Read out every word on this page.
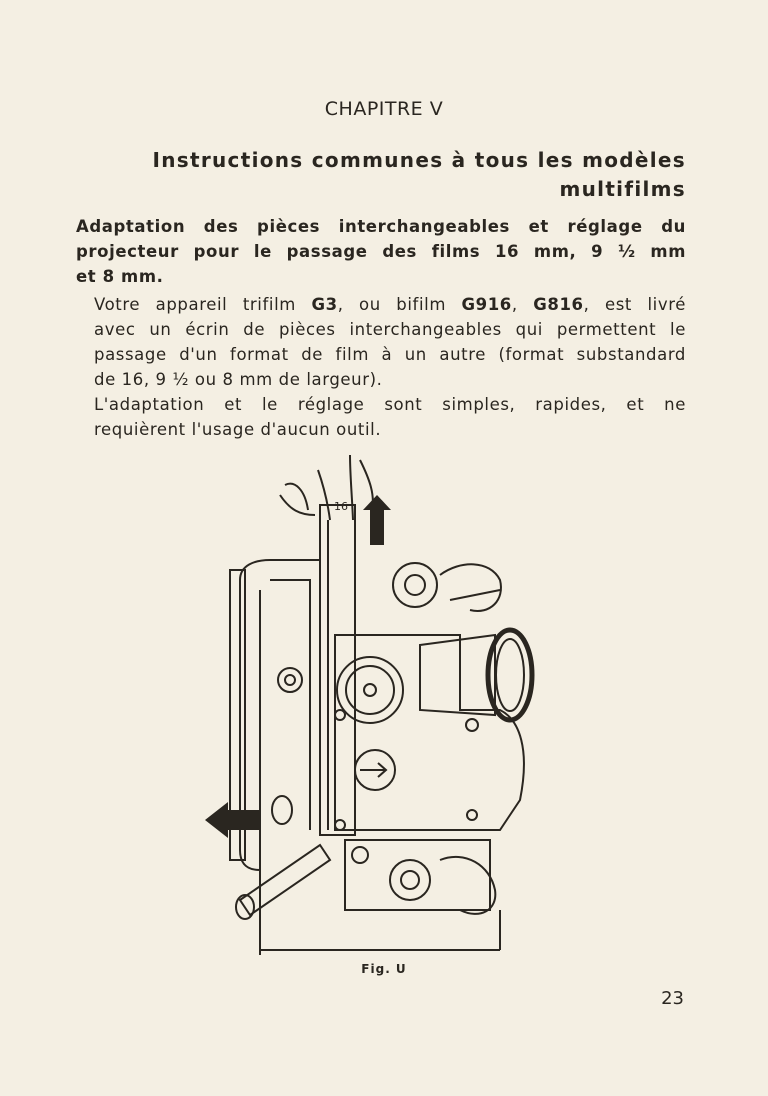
CHAPITRE V
Instructions communes à tous les modèles
multifilms
Adaptation des pièces interchangeables et réglage du
projecteur pour le passage des films 16 mm, 9 ½ mm
et 8 mm.

Votre appareil trifilm G3, ou bifilm G916, G816, est livré
avec un écrin de pièces interchangeables qui permettent le
passage d'un format de film à un autre (format substandard
de 16, 9 ½ ou 8 mm de largeur).

L'adaptation et le réglage sont simples, rapides, et ne
requièrent l'usage d'aucun outil.

16
Fig. U
23
